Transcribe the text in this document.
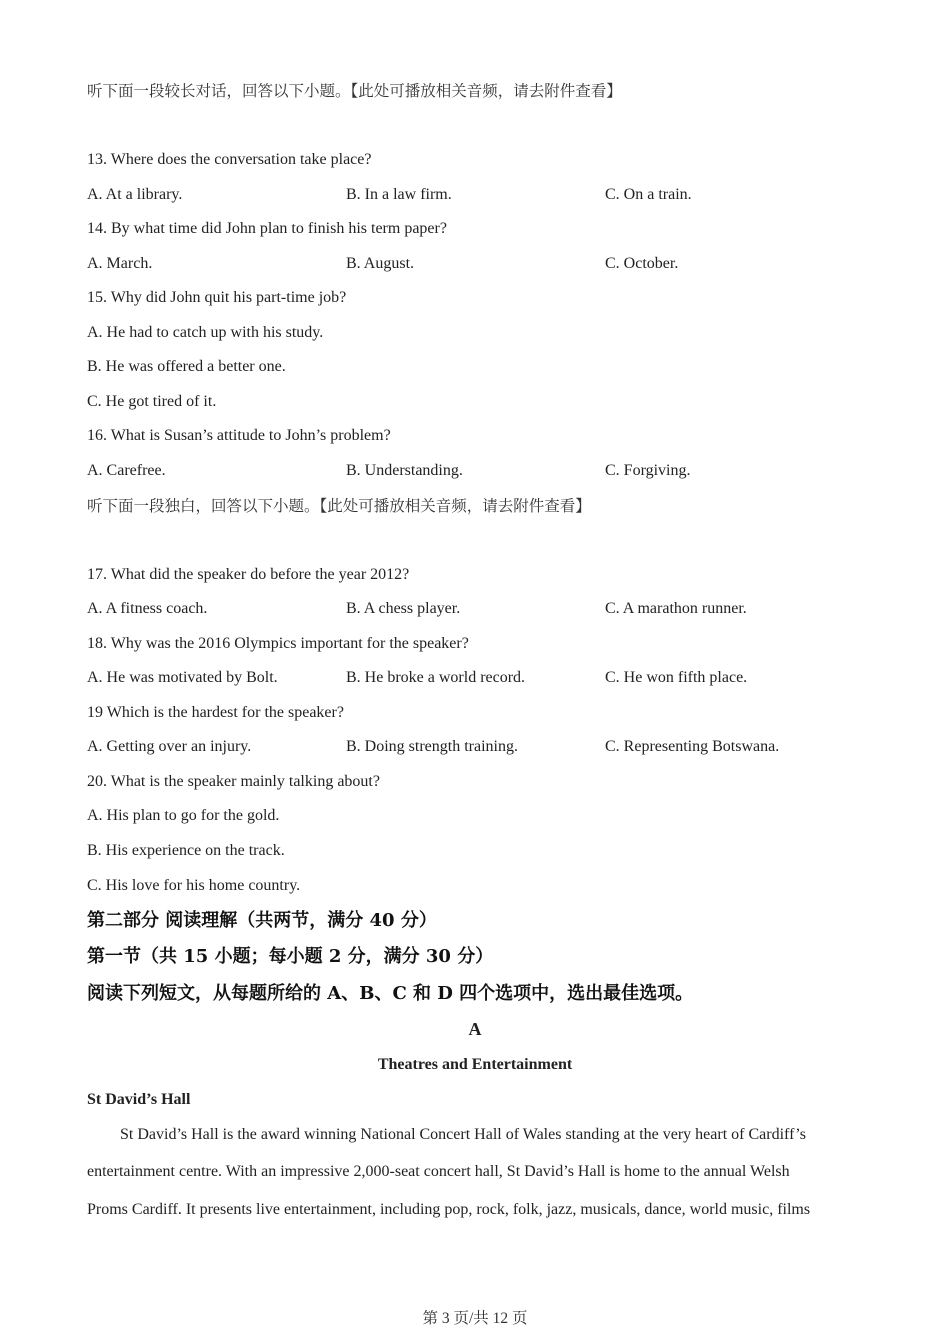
听下面一段较长对话，回答以下小题。【此处可播放相关音频，请去附件查看】
13. Where does the conversation take place?
A. At a library.	B. In a law firm.	C. On a train.
14. By what time did John plan to finish his term paper?
A. March.	B. August.	C. October.
15. Why did John quit his part-time job?
A. He had to catch up with his study.
B. He was offered a better one.
C. He got tired of it.
16. What is Susan’s attitude to John’s problem?
A. Carefree.	B. Understanding.	C. Forgiving.
听下面一段独白，回答以下小题。【此处可播放相关音频，请去附件查看】
17. What did the speaker do before the year 2012?
A. A fitness coach.	B. A chess player.	C. A marathon runner.
18. Why was the 2016 Olympics important for the speaker?
A. He was motivated by Bolt.	B. He broke a world record.	C. He won fifth place.
19 Which is the hardest for the speaker?
A. Getting over an injury.	B. Doing strength training.	C. Representing Botswana.
20. What is the speaker mainly talking about?
A. His plan to go for the gold.
B. His experience on the track.
C. His love for his home country.
第二部分 阅读理解（共两节，满分 40 分）
第一节（共 15 小题；每小题 2 分，满分 30 分）
阅读下列短文，从每题所给的 A、B、C 和 D 四个选项中，选出最佳选项。
A
Theatres and Entertainment
St David’s Hall
St David’s Hall is the award winning National Concert Hall of Wales standing at the very heart of Cardiff’s
entertainment centre. With an impressive 2,000-seat concert hall, St David’s Hall is home to the annual Welsh
Proms Cardiff. It presents live entertainment, including pop, rock, folk, jazz, musicals, dance, world music, films
第 3 页/共 12 页
